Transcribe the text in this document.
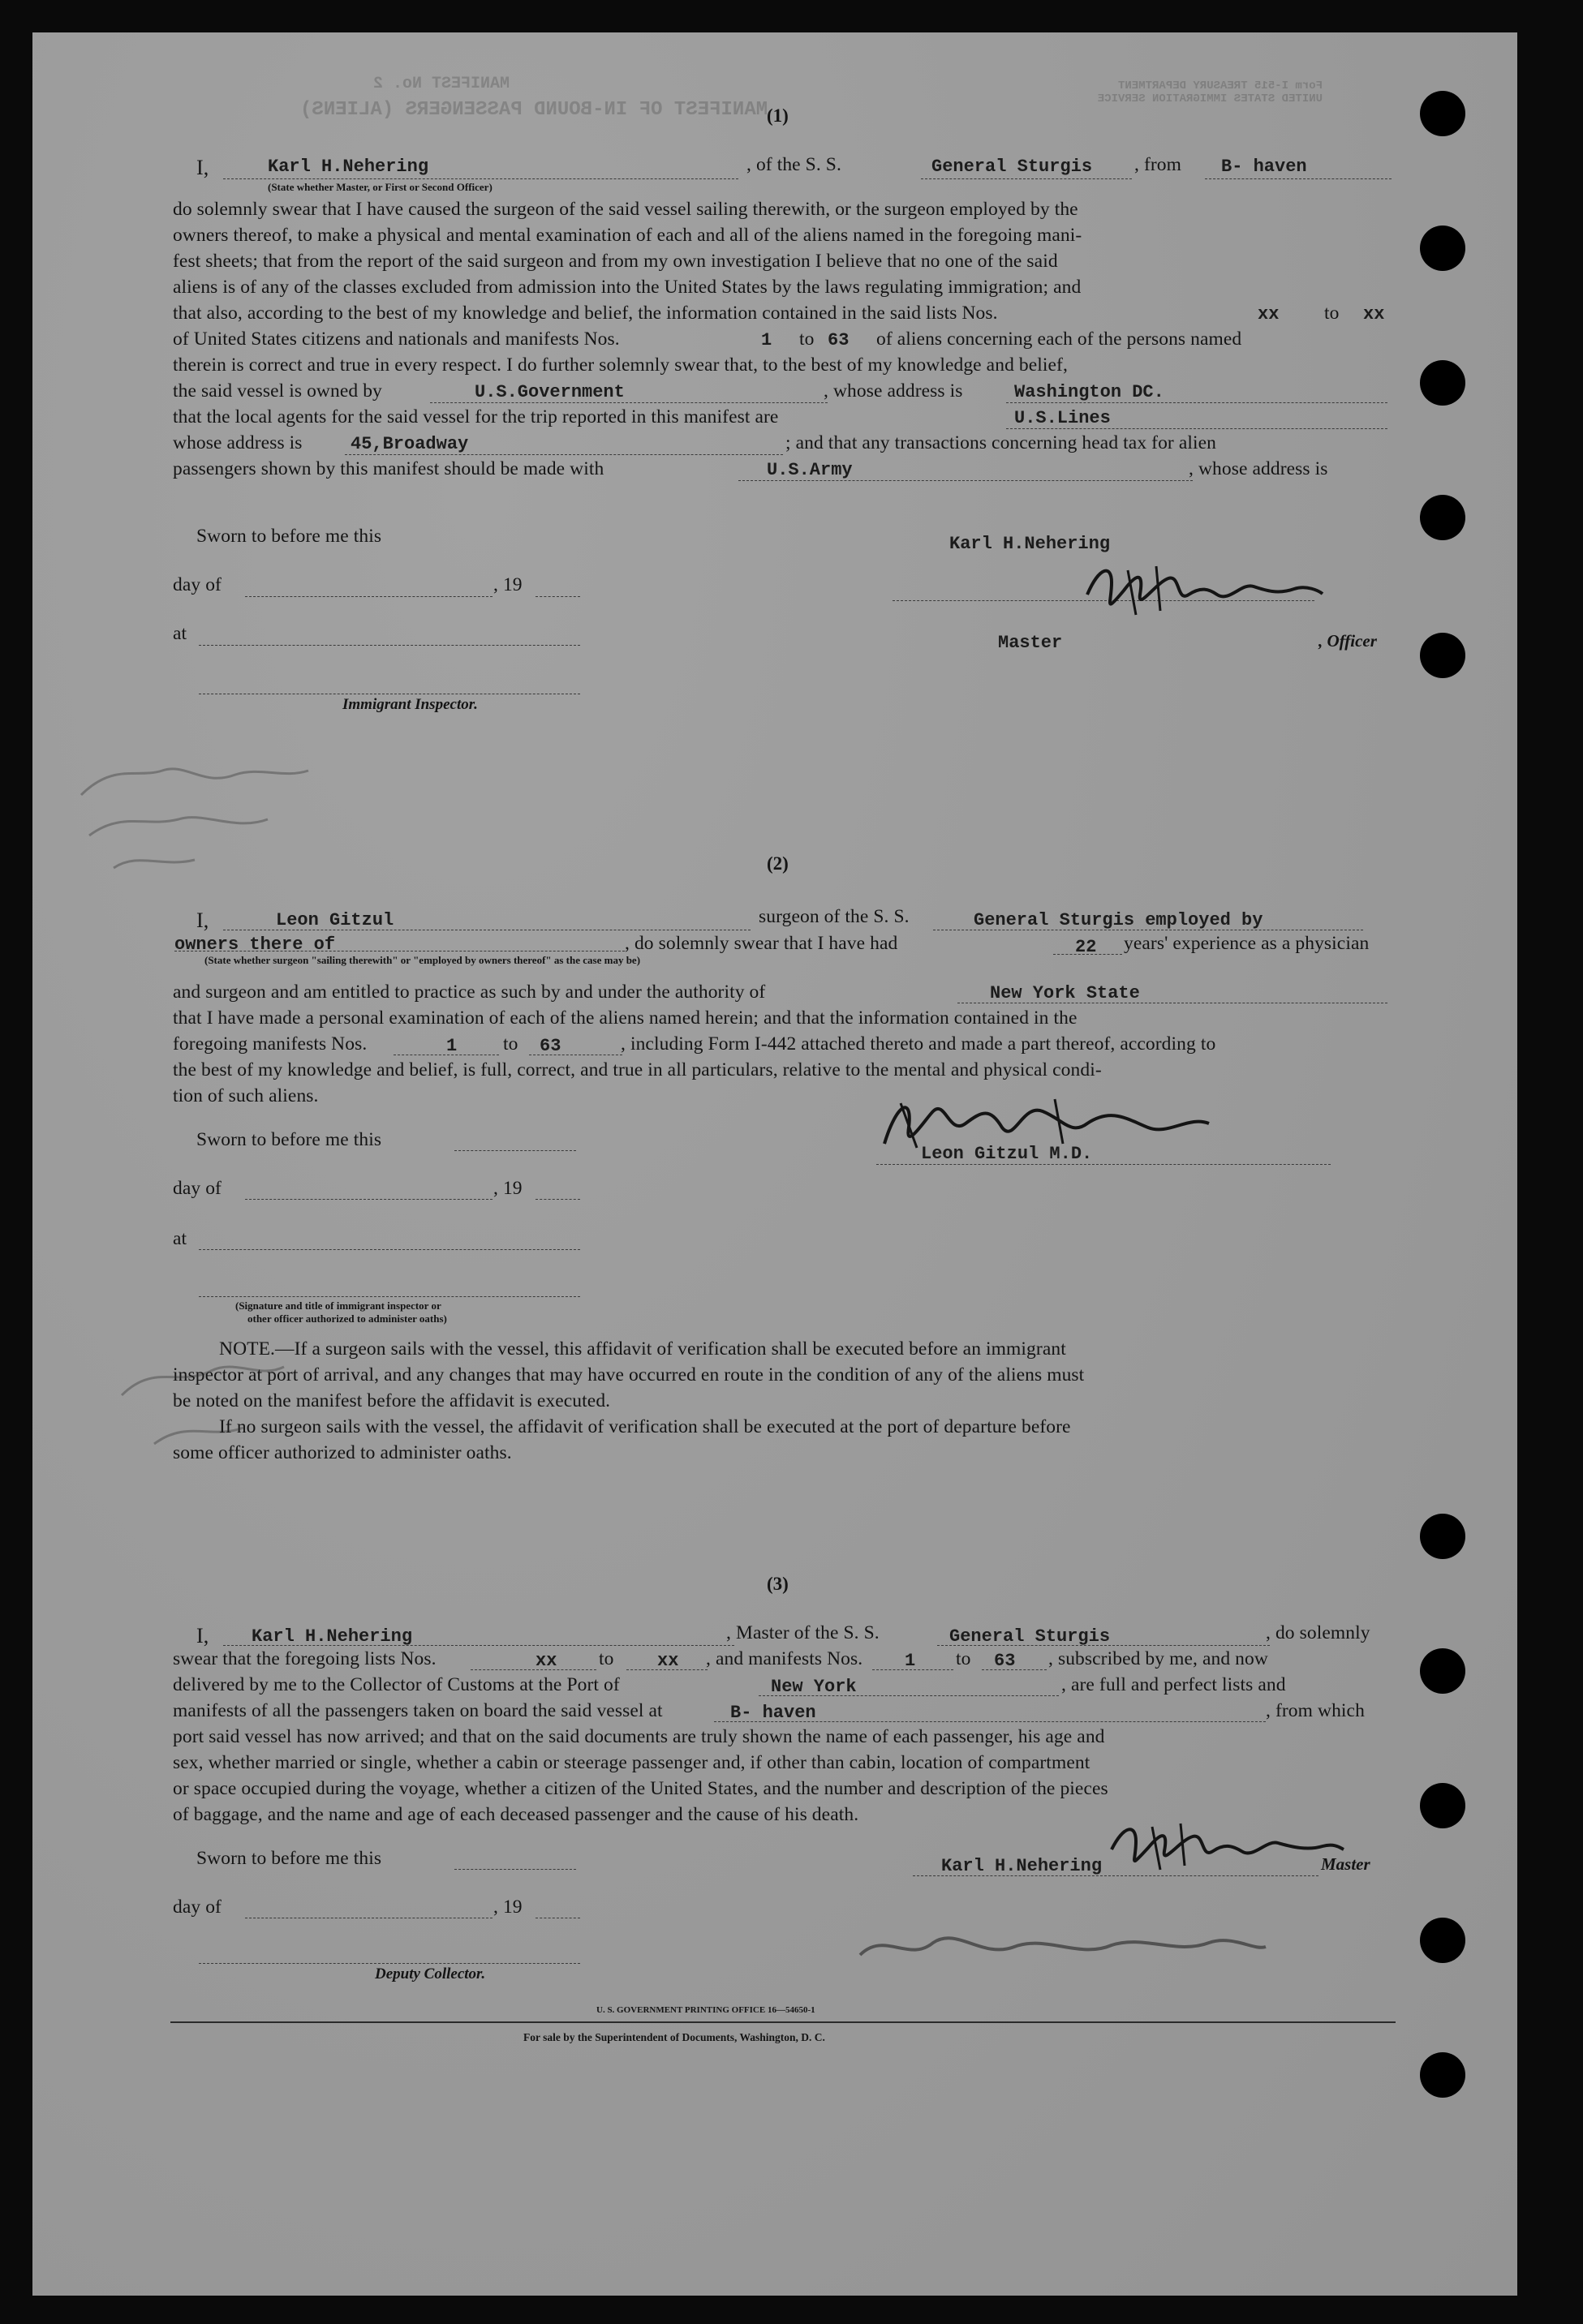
MANIFEST No. 2
MANIFEST OF IN-BOUND PASSENGERS (ALIENS)
Form I-515 TREASURY DEPARTMENT UNITED STATES IMMIGRATION SERVICE
(1)
I,	Karl H.Nehering
(State whether Master, or First or Second Officer)
, of the S. S.	General Sturgis , from B- haven
do solemnly swear that I have caused the surgeon of the said vessel sailing therewith, or the surgeon employed by the
owners thereof, to make a physical and mental examination of each and all of the aliens named in the foregoing mani-
fest sheets; that from the report of the said surgeon and from my own investigation I believe that no one of the said
aliens is of any of the classes excluded from admission into the United States by the laws regulating immigration; and
that also, according to the best of my knowledge and belief, the information contained in the said lists Nos.	xx to xx
of United States citizens and nationals and manifests Nos.	1 to 63 of aliens concerning each of the persons named
therein is correct and true in every respect. I do further solemnly swear that, to the best of my knowledge and belief,
the said vessel is owned by	U.S.Government	, whose address is	Washington DC.
that the local agents for the said vessel for the trip reported in this manifest are	U.S.Lines
whose address is	45,Broadway	; and that any transactions concerning head tax for alien
passengers shown by this manifest should be made with	U.S.Army	, whose address is
Sworn to before me this
day of	, 19
at
Immigrant Inspector.
Karl H.Nehering
Master	, Officer
(2)
I,	Leon Gitzul	surgeon of the S. S.	General Sturgis employed by
owners there of
(State whether surgeon "sailing therewith" or "employed by owners thereof" as the case may be)
, do solemnly swear that I have had	22 years' experience as a physician
and surgeon and am entitled to practice as such by and under the authority of	New York State
that I have made a personal examination of each of the aliens named herein; and that the information contained in the
foregoing manifests Nos.	1 to 63	, including Form I-442 attached thereto and made a part thereof, according to
the best of my knowledge and belief, is full, correct, and true in all particulars, relative to the mental and physical condi-
tion of such aliens.
Sworn to before me this
Leon Gitzul M.D.
day of	, 19
at
(Signature and title of immigrant inspector or
other officer authorized to administer oaths)
NOTE.—If a surgeon sails with the vessel, this affidavit of verification shall be executed before an immigrant
inspector at port of arrival, and any changes that may have occurred en route in the condition of any of the aliens must
be noted on the manifest before the affidavit is executed.
If no surgeon sails with the vessel, the affidavit of verification shall be executed at the port of departure before
some officer authorized to administer oaths.
(3)
I, Karl H.Nehering	, Master of the S. S.	General Sturgis	, do solemnly
swear that the foregoing lists Nos.	xx to xx , and manifests Nos. 1 to 63 , subscribed by me, and now
delivered by me to the Collector of Customs at the Port of	New York	, are full and perfect lists and
manifests of all the passengers taken on board the said vessel at	B- haven	, from which
port said vessel has now arrived; and that on the said documents are truly shown the name of each passenger, his age and
sex, whether married or single, whether a cabin or steerage passenger and, if other than cabin, location of compartment
or space occupied during the voyage, whether a citizen of the United States, and the number and description of the pieces
of baggage, and the name and age of each deceased passenger and the cause of his death.
Sworn to before me this
day of	, 19
Deputy Collector.
Karl H.Nehering	Master
U. S. GOVERNMENT PRINTING OFFICE 16—54650-1
For sale by the Superintendent of Documents, Washington, D. C.
